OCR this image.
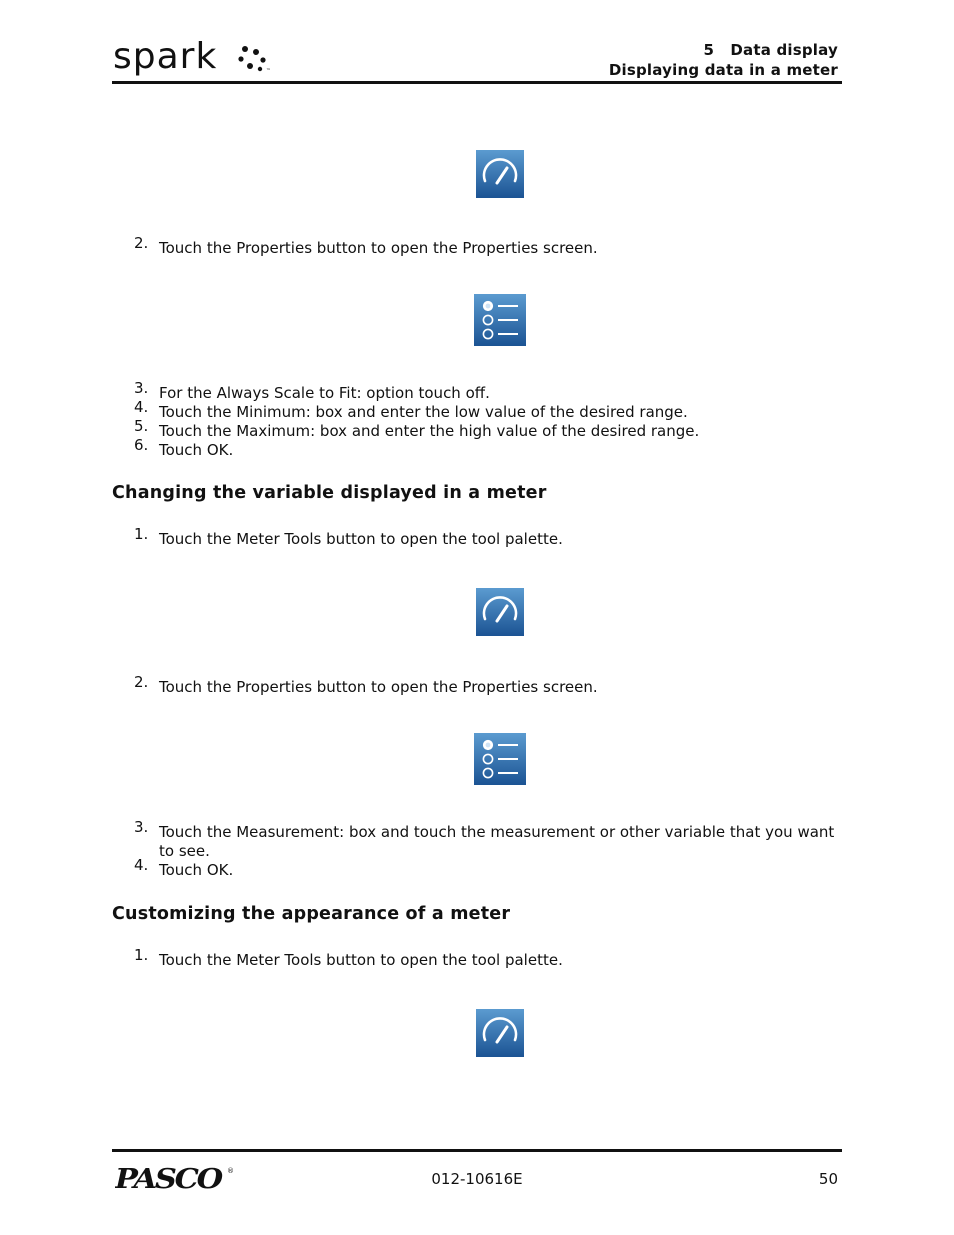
spark	™
5   Data display
Displaying data in a meter
2. Touch the Properties button to open the Properties screen.
3. For the Always Scale to Fit: option touch off.
4. Touch the Minimum: box and enter the low value of the desired range.
5. Touch the Maximum: box and enter the high value of the desired range.
6. Touch OK.
Changing the variable displayed in a meter
1. Touch the Meter Tools button to open the tool palette.
2. Touch the Properties button to open the Properties screen.
3. Touch the Measurement: box and touch the measurement or other variable that you want to see.
4. Touch OK.
Customizing the appearance of a meter
1. Touch the Meter Tools button to open the tool palette.
PASCO ®	012-10616E	50
